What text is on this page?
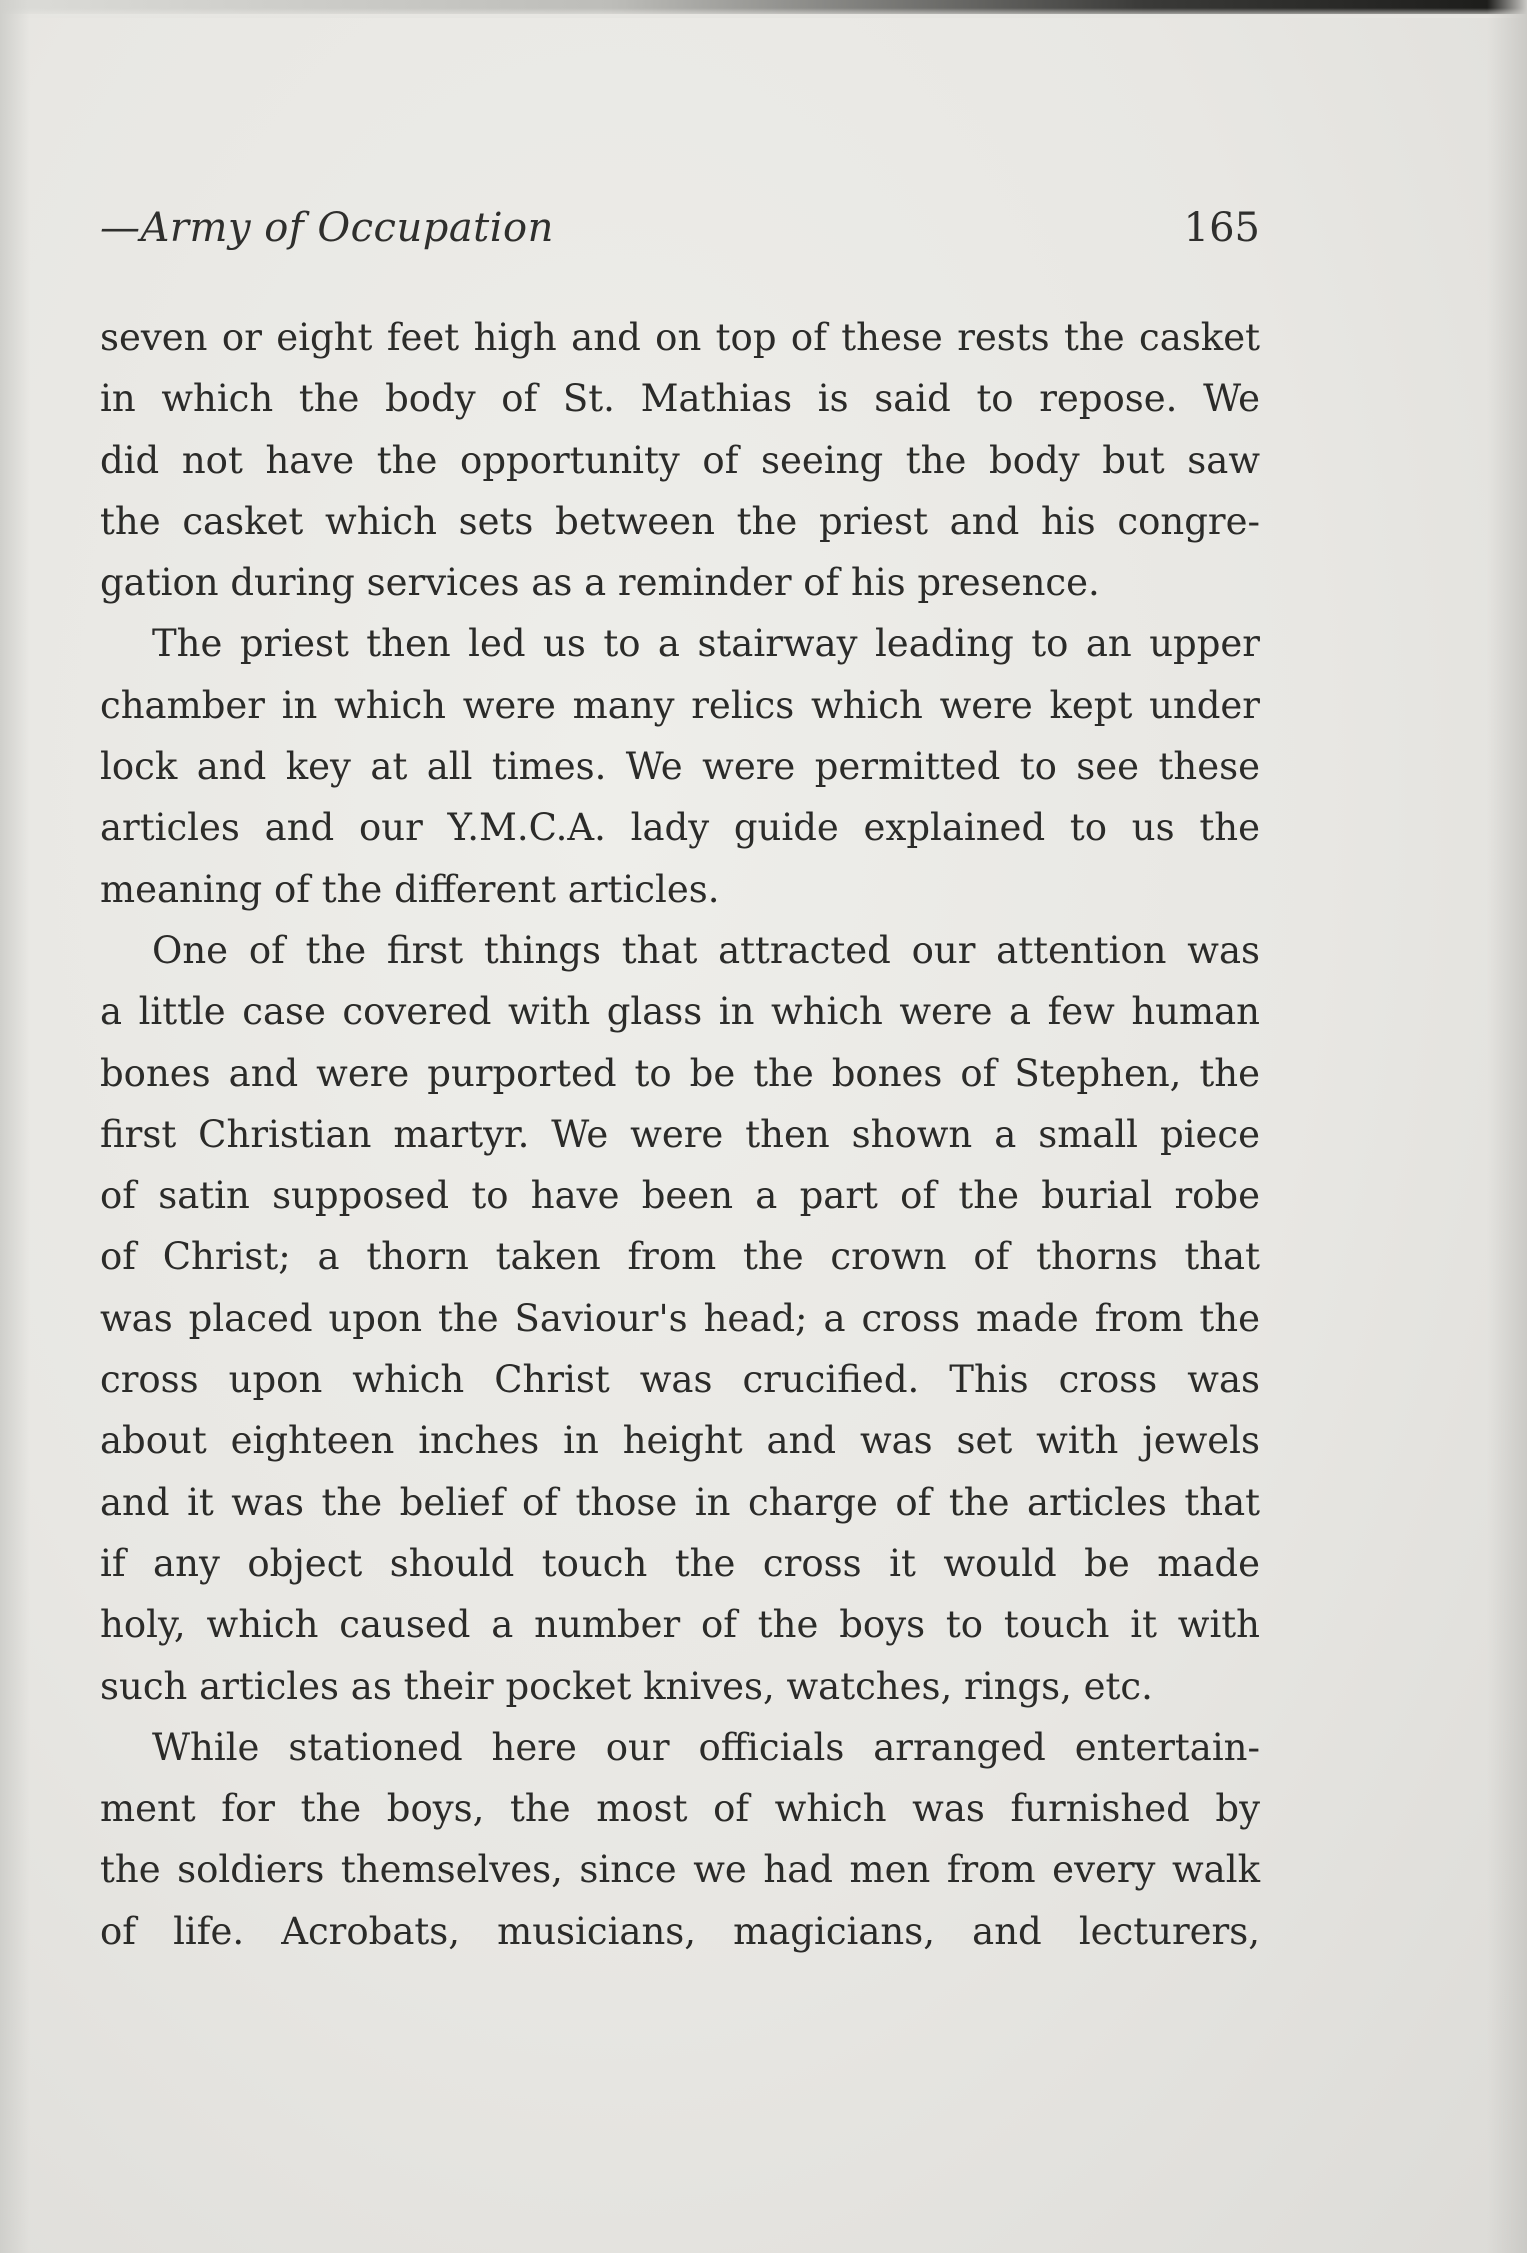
—Army of Occupation	165
seven or eight feet high and on top of these rests the casket
in which the body of St. Mathias is said to repose. We
did not have the opportunity of seeing the body but saw
the casket which sets between the priest and his congre-
gation during services as a reminder of his presence.
The priest then led us to a stairway leading to an upper
chamber in which were many relics which were kept under
lock and key at all times. We were permitted to see these
articles and our Y.M.C.A. lady guide explained to us the
meaning of the different articles.
One of the first things that attracted our attention was
a little case covered with glass in which were a few human
bones and were purported to be the bones of Stephen, the
first Christian martyr. We were then shown a small piece
of satin supposed to have been a part of the burial robe
of Christ; a thorn taken from the crown of thorns that
was placed upon the Saviour's head; a cross made from the
cross upon which Christ was crucified. This cross was
about eighteen inches in height and was set with jewels
and it was the belief of those in charge of the articles that
if any object should touch the cross it would be made
holy, which caused a number of the boys to touch it with
such articles as their pocket knives, watches, rings, etc.
While stationed here our officials arranged entertain-
ment for the boys, the most of which was furnished by
the soldiers themselves, since we had men from every walk
of life. Acrobats, musicians, magicians, and lecturers,
